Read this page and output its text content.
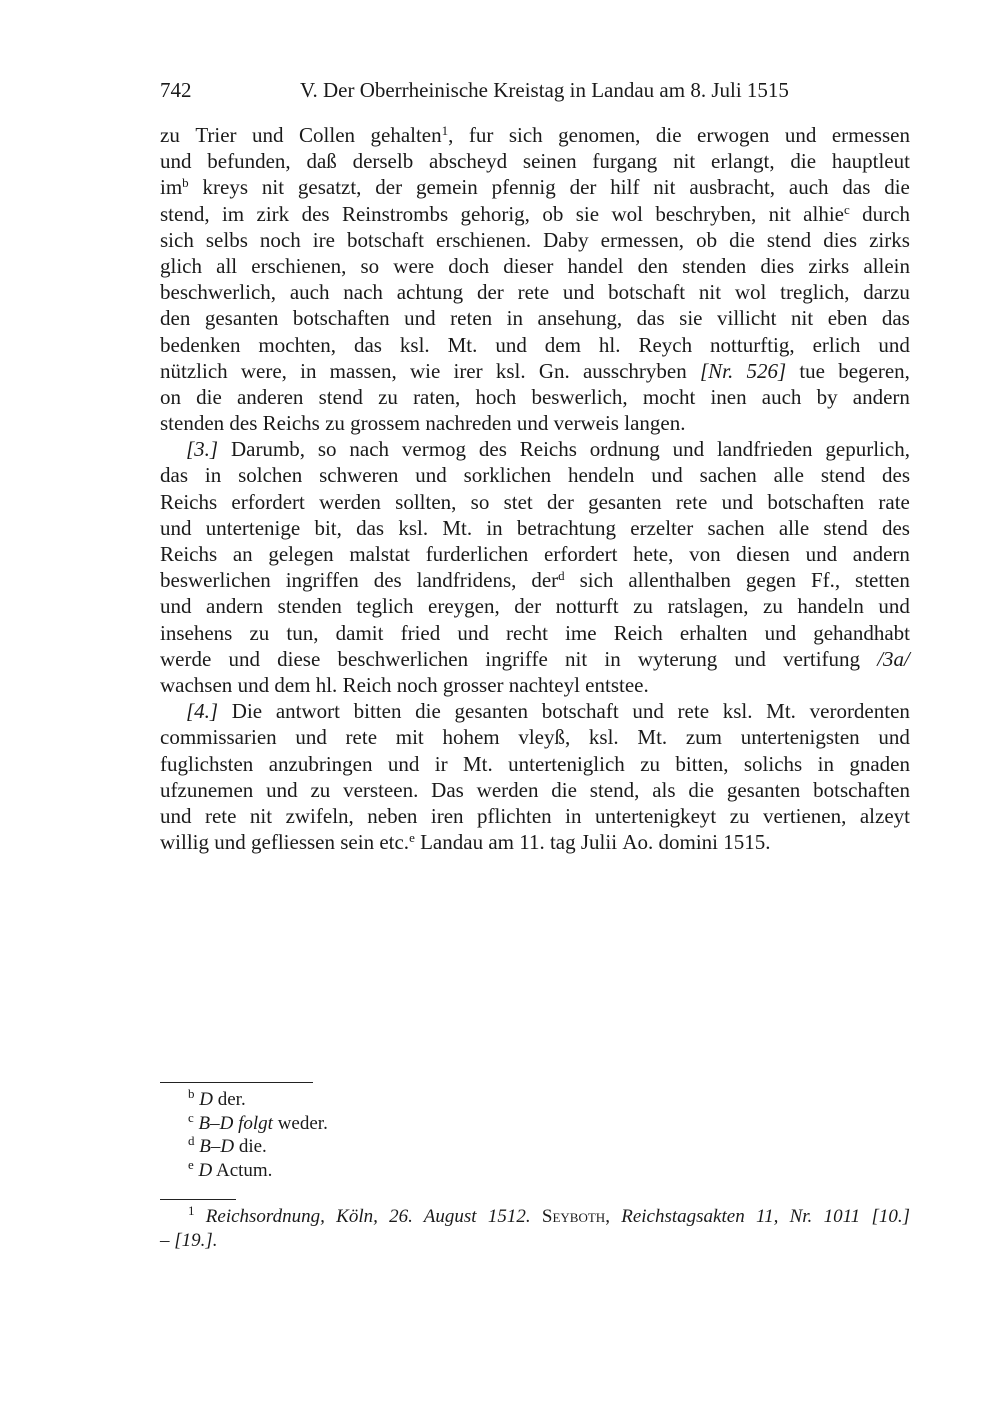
742	V. Der Oberrheinische Kreistag in Landau am 8. Juli 1515
zu Trier und Collen gehalten$^1$, fur sich genomen, die erwogen und ermessen
und befunden, daß derselb abscheyd seinen furgang nit erlangt, die hauptleut
$im^b$ kreys nit gesatzt, der gemein pfennig der hilf nit ausbracht, auch das die
stend, im zirk des Reinstrombs gehorig, ob sie wol beschryben, nit alhie$^c$ durch
sich selbs noch ire botschaft erschienen. Daby ermessen, ob die stend dies zirks
glich all erschienen, so were doch dieser handel den stenden dies zirks allein
beschwerlich, auch nach achtung der rete und botschaft nit wol treglich, darzu
den gesanten botschaften und reten in ansehung, das sie villicht nit eben das
bedenken mochten, das ksl. Mt. und dem hl. Reych notturftig, erlich und
nützlich were, in massen, wie irer ksl. Gn. ausschryben [Nr. 526] tue begeren,
on die anderen stend zu raten, hoch beswerlich, mocht inen auch by andern
stenden des Reichs zu grossem nachreden und verweis langen.
[3.] Darumb, so nach vermog des Reichs ordnung und landfrieden gepurlich,
das in solchen schweren und sorklichen hendeln und sachen alle stend des
Reichs erfordert werden sollten, so stet der gesanten rete und botschaften rate
und untertenige bit, das ksl. Mt. in betrachtung erzelter sachen alle stend des
Reichs an gelegen malstat furderlichen erfordert hete, von diesen und andern
beswerlichen ingriffen des landfridens, der$^d$ sich allenthalben gegen Ff., stetten
und andern stenden teglich ereygen, der notturft zu ratslagen, zu handeln und
insehens zu tun, damit fried und recht ime Reich erhalten und gehandhabt
werde und diese beschwerlichen ingriffe nit in wyterung und vertifung /3a/
wachsen und dem hl. Reich noch grosser nachteyl entstee.
[4.] Die antwort bitten die gesanten botschaft und rete ksl. Mt. verordenten
commissarien und rete mit hohem vleyß, ksl. Mt. zum untertenigsten und
fuglichsten anzubringen und ir Mt. unterteniglich zu bitten, solichs in gnaden
ufzunemen und zu versteen. Das werden die stend, als die gesanten botschaften
und rete nit zwifeln, neben iren pflichten in untertenigkeyt zu vertienen, alzeyt
willig und gefliessen sein etc.$^e$ Landau am 11. tag Julii Ao. domini 1515.
$^b$ D der.
$^c$ B–D folgt weder.
$^d$ B–D die.
$^e$ D Actum.
$^1$ Reichsordnung, Köln, 26. August 1512. Seyboth, Reichstagsakten 11, Nr. 1011 [10.]
– [19.].
